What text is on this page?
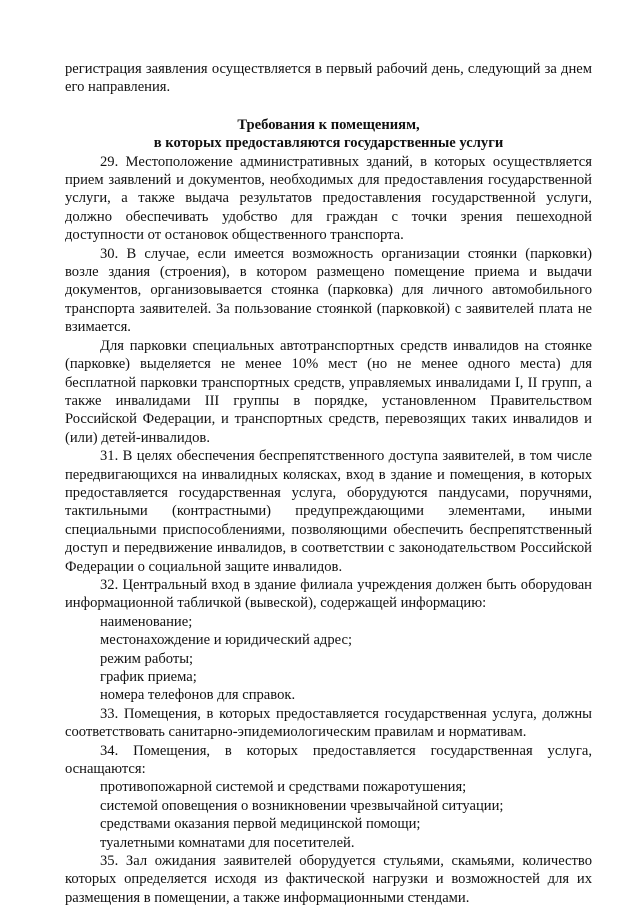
регистрация заявления осуществляется в первый рабочий день, следующий за днем его направления.

Требования к помещениям,
в которых предоставляются государственные услуги

29. Местоположение административных зданий, в которых осуществляется прием заявлений и документов, необходимых для предоставления государственной услуги, а также выдача результатов предоставления государственной услуги, должно обеспечивать удобство для граждан с точки зрения пешеходной доступности от остановок общественного транспорта.

30. В случае, если имеется возможность организации стоянки (парковки) возле здания (строения), в котором размещено помещение приема и выдачи документов, организовывается стоянка (парковка) для личного автомобильного транспорта заявителей. За пользование стоянкой (парковкой) с заявителей плата не взимается.

Для парковки специальных автотранспортных средств инвалидов на стоянке (парковке) выделяется не менее 10% мест (но не менее одного места) для бесплатной парковки транспортных средств, управляемых инвалидами I, II групп, а также инвалидами III группы в порядке, установленном Правительством Российской Федерации, и транспортных средств, перевозящих таких инвалидов и (или) детей-инвалидов.

31. В целях обеспечения беспрепятственного доступа заявителей, в том числе передвигающихся на инвалидных колясках, вход в здание и помещения, в которых предоставляется государственная услуга, оборудуются пандусами, поручнями, тактильными (контрастными) предупреждающими элементами, иными специальными приспособлениями, позволяющими обеспечить беспрепятственный доступ и передвижение инвалидов, в соответствии с законодательством Российской Федерации о социальной защите инвалидов.

32. Центральный вход в здание филиала учреждения должен быть оборудован информационной табличкой (вывеской), содержащей информацию:

наименование;

местонахождение и юридический адрес;

режим работы;

график приема;

номера телефонов для справок.

33. Помещения, в которых предоставляется государственная услуга, должны соответствовать санитарно-эпидемиологическим правилам и нормативам.

34. Помещения, в которых предоставляется государственная услуга, оснащаются:

противопожарной системой и средствами пожаротушения;

системой оповещения о возникновении чрезвычайной ситуации;

средствами оказания первой медицинской помощи;

туалетными комнатами для посетителей.

35. Зал ожидания заявителей оборудуется стульями, скамьями, количество которых определяется исходя из фактической нагрузки и возможностей для их размещения в помещении, а также информационными стендами.
